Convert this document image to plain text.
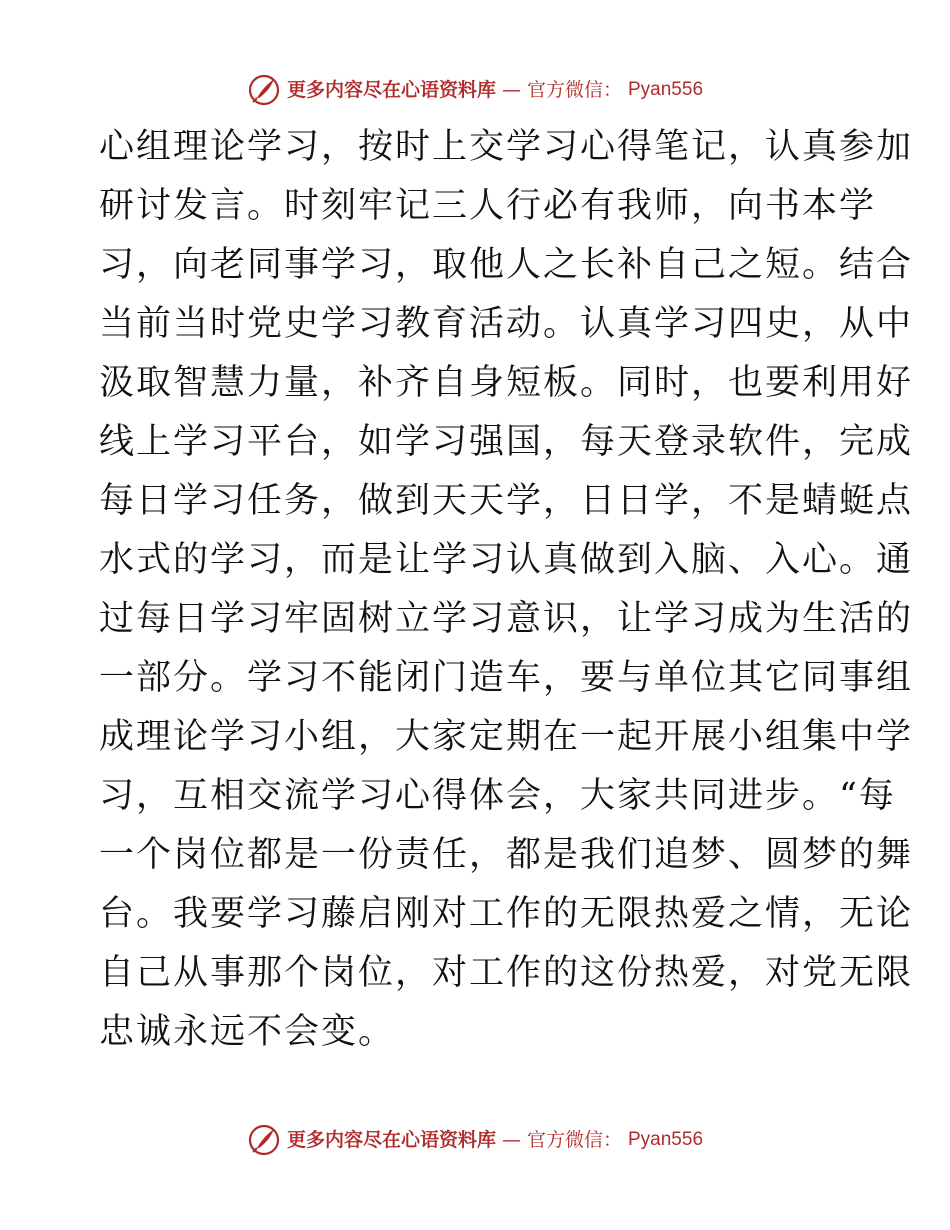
更多内容尽在心语资料库 — 官方微信： Pyan556
心组理论学习，按时上交学习心得笔记，认真参加
研讨发言。时刻牢记三人行必有我师，向书本学
习，向老同事学习，取他人之长补自己之短。结合
当前当时党史学习教育活动。认真学习四史，从中
汲取智慧力量，补齐自身短板。同时，也要利用好
线上学习平台，如学习强国，每天登录软件，完成
每日学习任务，做到天天学，日日学，不是蜻蜓点
水式的学习，而是让学习认真做到入脑、入心。通
过每日学习牢固树立学习意识，让学习成为生活的
一部分。学习不能闭门造车，要与单位其它同事组
成理论学习小组，大家定期在一起开展小组集中学
习，互相交流学习心得体会，大家共同进步。“每
一个岗位都是一份责任，都是我们追梦、圆梦的舞
台。我要学习藤启刚对工作的无限热爱之情，无论
自己从事那个岗位，对工作的这份热爱，对党无限
忠诚永远不会变。
更多内容尽在心语资料库 — 官方微信： Pyan556
